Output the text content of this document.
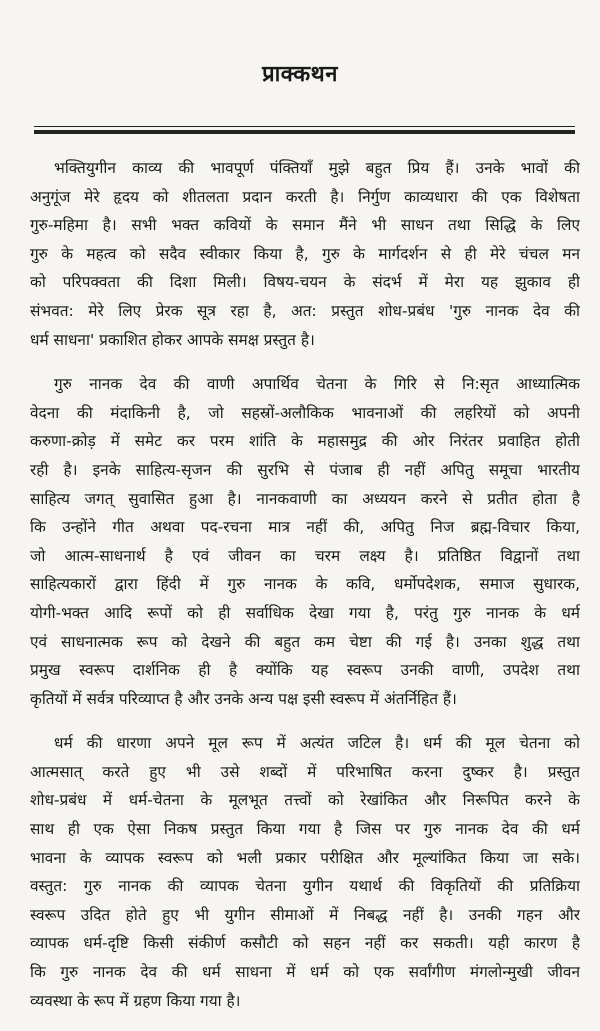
प्राक्कथन

भक्तियुगीन काव्य की भावपूर्ण पंक्तियाँ मुझे बहुत प्रिय हैं। उनके भावों की
अनुगूंज मेरे हृदय को शीतलता प्रदान करती है। निर्गुण काव्यधारा की एक विशेषता
गुरु-महिमा है। सभी भक्त कवियों के समान मैंने भी साधन तथा सिद्धि के लिए
गुरु के महत्व को सदैव स्वीकार किया है, गुरु के मार्गदर्शन से ही मेरे चंचल मन
को परिपक्वता की दिशा मिली। विषय-चयन के संदर्भ में मेरा यह झुकाव ही
संभवत: मेरे लिए प्रेरक सूत्र रहा है, अत: प्रस्तुत शोध-प्रबंध 'गुरु नानक देव की
धर्म साधना' प्रकाशित होकर आपके समक्ष प्रस्तुत है।

गुरु नानक देव की वाणी अपार्थिव चेतना के गिरि से नि:सृत आध्यात्मिक
वेदना की मंदाकिनी है, जो सहस्रों-अलौकिक भावनाओं की लहरियों को अपनी
करुणा-क्रोड़ में समेट कर परम शांति के महासमुद्र की ओर निरंतर प्रवाहित होती
रही है। इनके साहित्य-सृजन की सुरभि से पंजाब ही नहीं अपितु समूचा भारतीय
साहित्य जगत् सुवासित हुआ है। नानकवाणी का अध्ययन करने से प्रतीत होता है
कि उन्होंने गीत अथवा पद-रचना मात्र नहीं की, अपितु निज ब्रह्म-विचार किया,
जो आत्म-साधनार्थ है एवं जीवन का चरम लक्ष्य है। प्रतिष्ठित विद्वानों तथा
साहित्यकारों द्वारा हिंदी में गुरु नानक के कवि, धर्मोपदेशक, समाज सुधारक,
योगी-भक्त आदि रूपों को ही सर्वाधिक देखा गया है, परंतु गुरु नानक के धर्म
एवं साधनात्मक रूप को देखने की बहुत कम चेष्टा की गई है। उनका शुद्ध तथा
प्रमुख स्वरूप दार्शनिक ही है क्योंकि यह स्वरूप उनकी वाणी, उपदेश तथा
कृतियों में सर्वत्र परिव्याप्त है और उनके अन्य पक्ष इसी स्वरूप में अंतर्निहित हैं।

धर्म की धारणा अपने मूल रूप में अत्यंत जटिल है। धर्म की मूल चेतना को
आत्मसात् करते हुए भी उसे शब्दों में परिभाषित करना दुष्कर है। प्रस्तुत
शोध-प्रबंध में धर्म-चेतना के मूलभूत तत्त्वों को रेखांकित और निरूपित करने के
साथ ही एक ऐसा निकष प्रस्तुत किया गया है जिस पर गुरु नानक देव की धर्म
भावना के व्यापक स्वरूप को भली प्रकार परीक्षित और मूल्यांकित किया जा सके।
वस्तुत: गुरु नानक की व्यापक चेतना युगीन यथार्थ की विकृतियों की प्रतिक्रिया
स्वरूप उदित होते हुए भी युगीन सीमाओं में निबद्ध नहीं है। उनकी गहन और
व्यापक धर्म-दृष्टि किसी संकीर्ण कसौटी को सहन नहीं कर सकती। यही कारण है
कि गुरु नानक देव की धर्म साधना में धर्म को एक सर्वांगीण मंगलोन्मुखी जीवन
व्यवस्था के रूप में ग्रहण किया गया है।
